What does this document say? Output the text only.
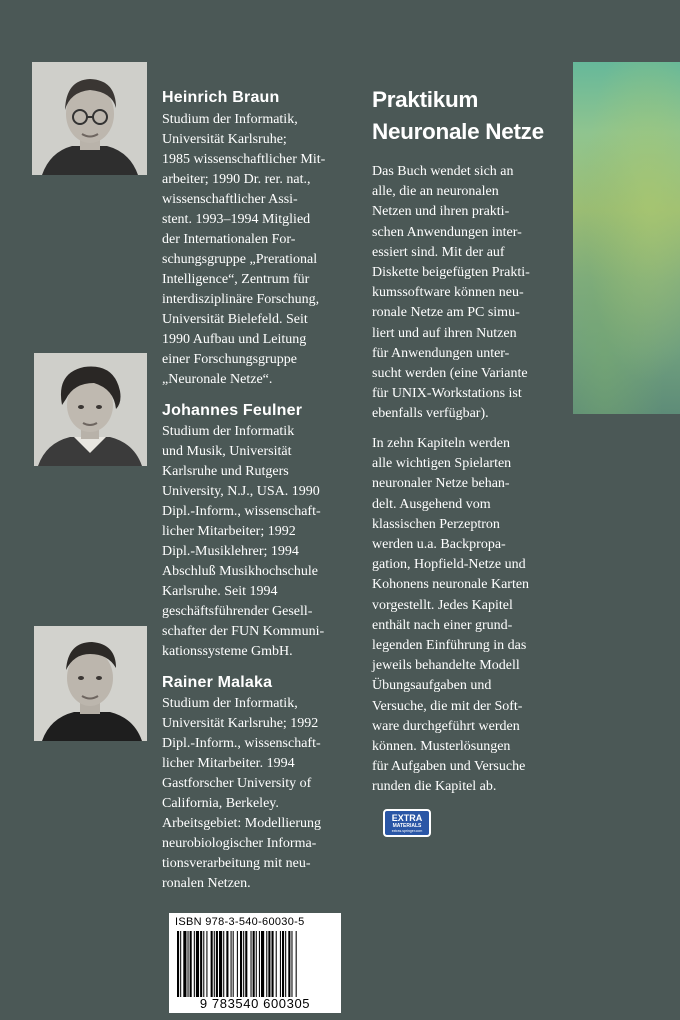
Heinrich Braun
Studium der Informatik,
Universität Karlsruhe;
1985 wissenschaftlicher Mit-
arbeiter; 1990 Dr. rer. nat.,
wissenschaftlicher Assi-
stent. 1993–1994 Mitglied
der Internationalen For-
schungsgruppe „Prerational
Intelligence“, Zentrum für
interdisziplinäre Forschung,
Universität Bielefeld. Seit
1990 Aufbau und Leitung
einer Forschungsgruppe
„Neuronale Netze“.
Johannes Feulner
Studium der Informatik
und Musik, Universität
Karlsruhe und Rutgers
University, N.J., USA. 1990
Dipl.-Inform., wissenschaft-
licher Mitarbeiter; 1992
Dipl.-Musiklehrer; 1994
Abschluß Musikhochschule
Karlsruhe. Seit 1994
geschäftsführender Gesell-
schafter der FUN Kommuni-
kationssysteme GmbH.
Rainer Malaka
Studium der Informatik,
Universität Karlsruhe; 1992
Dipl.-Inform., wissenschaft-
licher Mitarbeiter. 1994
Gastforscher University of
California, Berkeley.
Arbeitsgebiet: Modellierung
neurobiologischer Informa-
tionsverarbeitung mit neu-
ronalen Netzen.
Praktikum
Neuronale Netze
Das Buch wendet sich an
alle, die an neuronalen
Netzen und ihren prakti-
schen Anwendungen inter-
essiert sind. Mit der auf
Diskette beigefügten Prakti-
kumssoftware können neu-
ronale Netze am PC simu-
liert und auf ihren Nutzen
für Anwendungen unter-
sucht werden (eine Variante
für UNIX-Workstations ist
ebenfalls verfügbar).
In zehn Kapiteln werden
alle wichtigen Spielarten
neuronaler Netze behan-
delt. Ausgehend vom
klassischen Perzeptron
werden u.a. Backpropa-
gation, Hopfield-Netze und
Kohonens neuronale Karten
vorgestellt. Jedes Kapitel
enthält nach einer grund-
legenden Einführung in das
jeweils behandelte Modell
Übungsaufgaben und
Versuche, die mit der Soft-
ware durchgeführt werden
können. Musterlösungen
für Aufgaben und Versuche
runden die Kapitel ab.
EXTRA
MATERIALS
extras.springer.com
ISBN 978-3-540-60030-5
9 783540 600305
